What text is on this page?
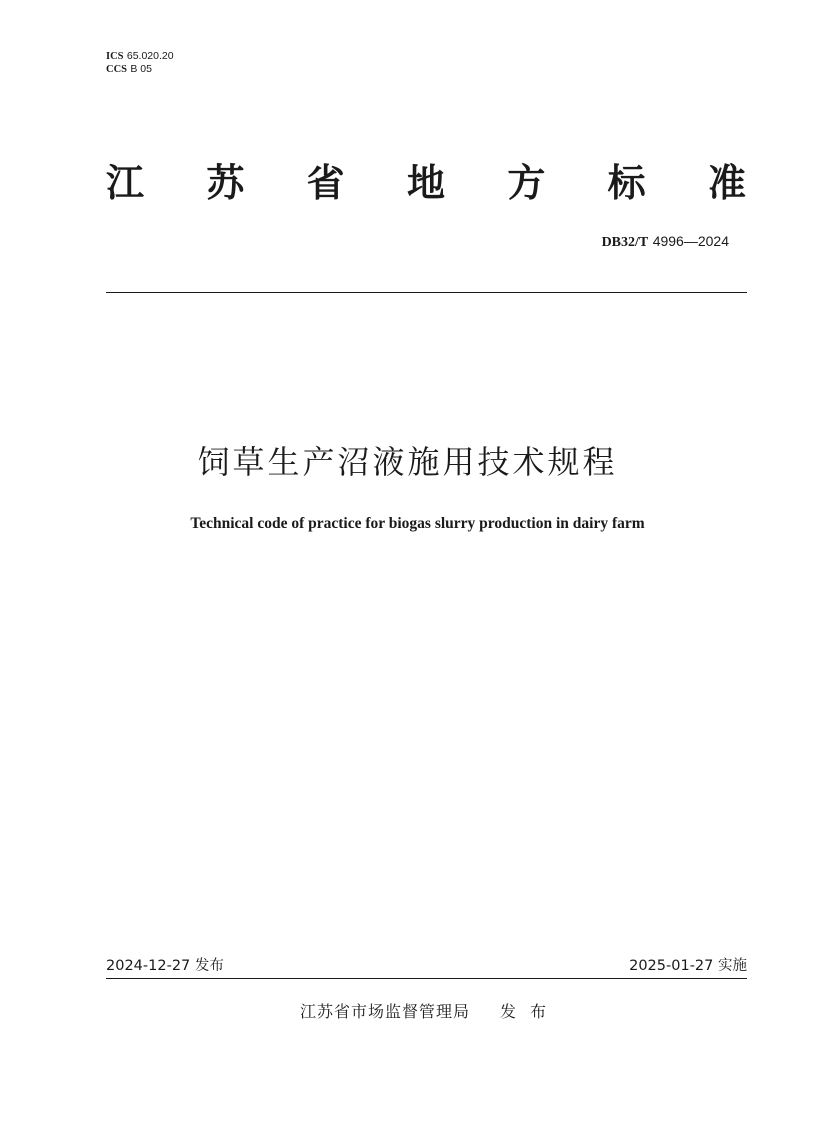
ICS 65.020.20
CCS B 05
江 苏 省 地 方 标 准
DB32/T 4996—2024
饲草生产沼液施用技术规程
Technical code of practice for biogas slurry production in dairy farm
2024-12-27 发布	2025-01-27 实施
江苏省市场监督管理局 发布
